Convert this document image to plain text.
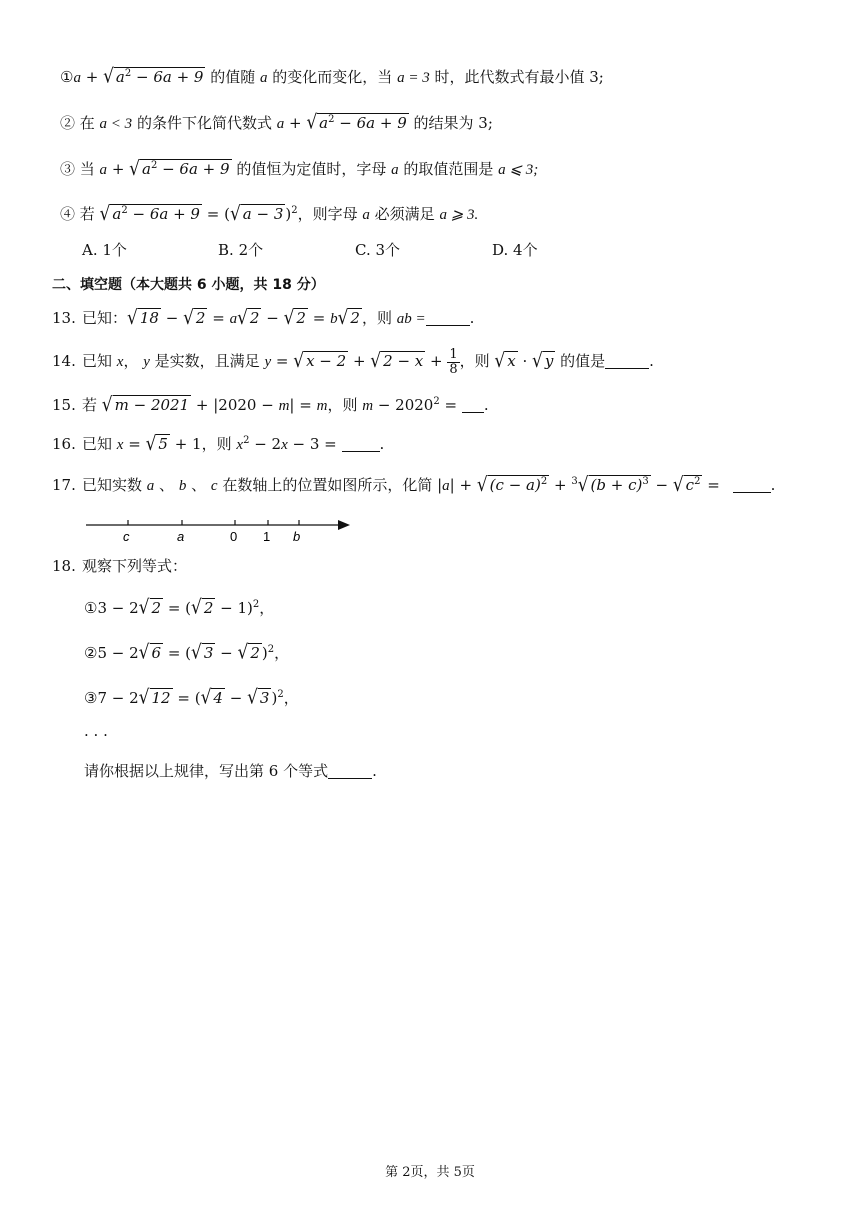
①a + √ $a^2 - 6a + 9$ 的值随 a 的变化而变化，当 a = 3 时，此代数式有最小值 3;
② 在 a < 3 的条件下化简代数式 a + √ $a^2 - 6a + 9$ 的结果为 3;
③ 当 a + √ $a^2 - 6a + 9$ 的值恒为定值时，字母 a 的取值范围是 a ⩽ 3;
④ 若 √ $a^2 - 6a + 9$ = (√ a − 3 )$^2$，则字母 a 必须满足 a ⩾ 3.
A. 1个	B. 2个	C. 3个	D. 4个
二、填空题（本大题共 6 小题，共 18 分）
13. 已知：√ 18 − √ 2 = a√ 2 − √ 2 = b√ 2 ，则 ab =	.
14. 已知 x， y 是实数，且满足 y = √ x − 2 + √ $2 - x + \frac{1}{8}$ ，则 √ x · √ y 的值是	.
15. 若 √ m − 2021 + |2020 − m| = m，则 $m - 2020^2$ = .
16. 已知 x = √ 5 + 1，则 $x^2 - 2x - 3$ =	.
17. 已知实数 a 、 b 、 c 在数轴上的位置如图所示，化简 |a| + √ $(c - a)^2 + ^3√$ $(b + c)^3$ − √ $c^2$ =	.
c	a	0 1 b
18. 观察下列等式：
①3 − 2√ 2 = (√ 2 − 1)$^2$，
②5 − 2√ 6 = (√ 3 − √ 2 )$^2$，
③7 − 2√ 12 = (√ 4 − √ 3 )$^2$，
· · ·
请你根据以上规律，写出第 6 个等式	.
第 2页，共 5页
